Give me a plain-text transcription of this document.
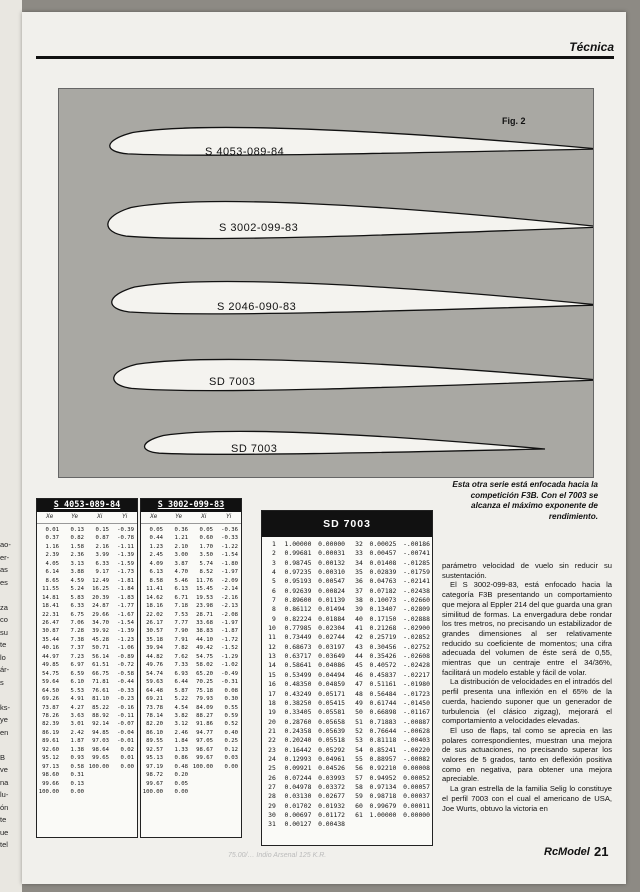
ao-
er-
as
es
za
co
su
te
lo
ár-
s
ks-
ye
en
B
ve
na
lu-
ón
te
ue
tel
Técnica
S 4053-089-84
S 3002-099-83
S 2046-090-83
SD 7003
SD 7003
Fig. 2
Esta otra serie está enfocada hacia la competición F3B. Con el 7003 se alcanza el máximo exponente de rendimiento.
S 4053-089-84
Xe	Ye	Xi	Yi
0.01	0.13	0.15	-0.39
0.37	0.82	0.87	-0.78
1.16	1.58	2.16	-1.11
2.39	2.36	3.99	-1.39
4.05	3.13	6.33	-1.59
6.14	3.88	9.17	-1.73
8.65	4.59	12.49	-1.81
11.55	5.24	16.25	-1.84
14.81	5.83	20.39	-1.83
18.41	6.33	24.87	-1.77
22.31	6.75	29.66	-1.67
26.47	7.06	34.70	-1.54
30.87	7.28	39.92	-1.39
35.44	7.38	45.28	-1.23
40.16	7.37	50.71	-1.06
44.97	7.23	56.14	-0.89
49.85	6.97	61.51	-0.72
54.75	6.59	66.75	-0.58
59.64	6.10	71.81	-0.44
64.50	5.53	76.61	-0.33
69.26	4.91	81.10	-0.23
73.87	4.27	85.22	-0.16
78.26	3.63	88.92	-0.11
82.39	3.01	92.14	-0.07
86.19	2.42	94.85	-0.04
89.61	1.87	97.03	-0.01
92.60	1.38	98.64	0.02
95.12	0.93	99.65	0.01
97.13	0.58 100.00	0.00
98.60	0.31
99.66	0.13
100.00	0.00
S 3002-099-83
Xe	Ye	Xi	Yi
0.05	0.36	0.05	-0.36
0.44	1.21	0.60	-0.33
1.23	2.10	1.70	-1.22
2.45	3.00	3.50	-1.54
4.09	3.87	5.74	-1.80
6.13	4.70	8.52	-1.97
8.58	5.46	11.76	-2.09
11.41	6.13	15.45	-2.14
14.62	6.71	19.53	-2.16
18.16	7.18	23.98	-2.13
22.02	7.53	28.71	-2.08
26.17	7.77	33.68	-1.97
30.57	7.90	38.83	-1.87
35.18	7.91	44.10	-1.72
39.94	7.82	49.42	-1.52
44.82	7.62	54.75	-1.29
49.76	7.33	58.02	-1.02
54.74	6.93	65.20	-0.49
59.63	6.44	70.25	-0.31
64.48	5.87	75.18	0.08
69.21	5.22	79.93	0.30
73.78	4.54	84.09	0.55
78.14	3.82	88.27	0.59
82.20	3.12	91.86	0.52
86.10	2.46	94.77	0.40
89.55	1.84	97.05	0.25
92.57	1.33	98.67	0.12
95.13	0.86	99.67	0.03
97.19	0.48 100.00	0.00
98.72	0.20
99.67	0.05
100.00	0.00
SD 7003
1	1.00000	0.00000	32	0.00025	-.00186
2	0.99681	0.00031	33	0.00457	-.00741
3	0.98745	0.00132	34	0.01408	-.01285
4	0.97235	0.00310	35	0.02839	-.01759
5	0.95193	0.00547	36	0.04763	-.02141
6	0.92639	0.00824	37	0.07182	-.02438
7	0.89600	0.01139	38	0.10073	-.02660
8	0.86112	0.01494	39	0.13407	-.02809
9	0.82224	0.01884	40	0.17150	-.02888
10	0.77985	0.02304	41	0.21268	-.02900
11	0.73449	0.02744	42	0.25719	-.02852
12	0.68673	0.03197	43	0.30456	-.02752
13	0.63717	0.03649	44	0.35426	-.02608
14	0.58641	0.04086	45	0.40572	-.02428
15	0.53499	0.04494	46	0.45837	-.02217
16	0.48350	0.04859	47	0.51161	-.01980
17	0.43249	0.05171	48	0.56484	-.01723
18	0.38250	0.05415	49	0.61744	-.01450
19	0.33405	0.05581	50	0.66898	-.01167
20	0.28760	0.05658	51	0.71883	-.00887
21	0.24358	0.05639	52	0.76644	-.00628
22	0.20240	0.05518	53	0.81118	-.00403
23	0.16442	0.05292	54	0.85241	-.00220
24	0.12993	0.04961	55	0.88957	-.00082
25	0.09921	0.04526	56	0.92210	0.00008
26	0.07244	0.03993	57	0.94952	0.00052
27	0.04978	0.03372	58	0.97134	0.00057
28	0.03130	0.02677	59	0.98718	0.00037
29	0.01702	0.01932	60	0.99679	0.00011
30	0.00697	0.01172	61	1.00000	0.00000
31	0.00127	0.00438

parámetro velocidad de vuelo sin reducir su sustentación.

El S 3002-099-83, está enfocado hacia la categoría F3B presentando un comportamiento que mejora al Eppler 214 del que guarda una gran similitud de formas. La envergadura debe rondar los tres metros, no precisando un estabilizador de grandes dimensiones al ser relativamente reducido su coeficiente de momentos; una cifra adecuada del volumen de éste será de 0,55, mientras que un centraje entre el 34/36%, facilitará un modelo estable y fácil de volar.

La distribución de velocidades en el intradós del perfil presenta una inflexión en el 65% de la cuerda, haciendo suponer que un generador de turbulencia (el clásico zigzag), mejorará el comportamiento a velocidades elevadas.

El uso de flaps, tal como se aprecia en las polares correspondientes, muestran una mejora de sus actuaciones, no precisando superar los valores de 5 grados, tanto en deflexión positiva como en negativa, para obtener una mejora apreciable.

La gran estrella de la familia Selig lo constituye el perfil 7003 con el cual el americano de USA, Joe Wurts, obtuvo la victoria en

75.00/… Indio Arsenal 125 K.R.	RcModel 21
